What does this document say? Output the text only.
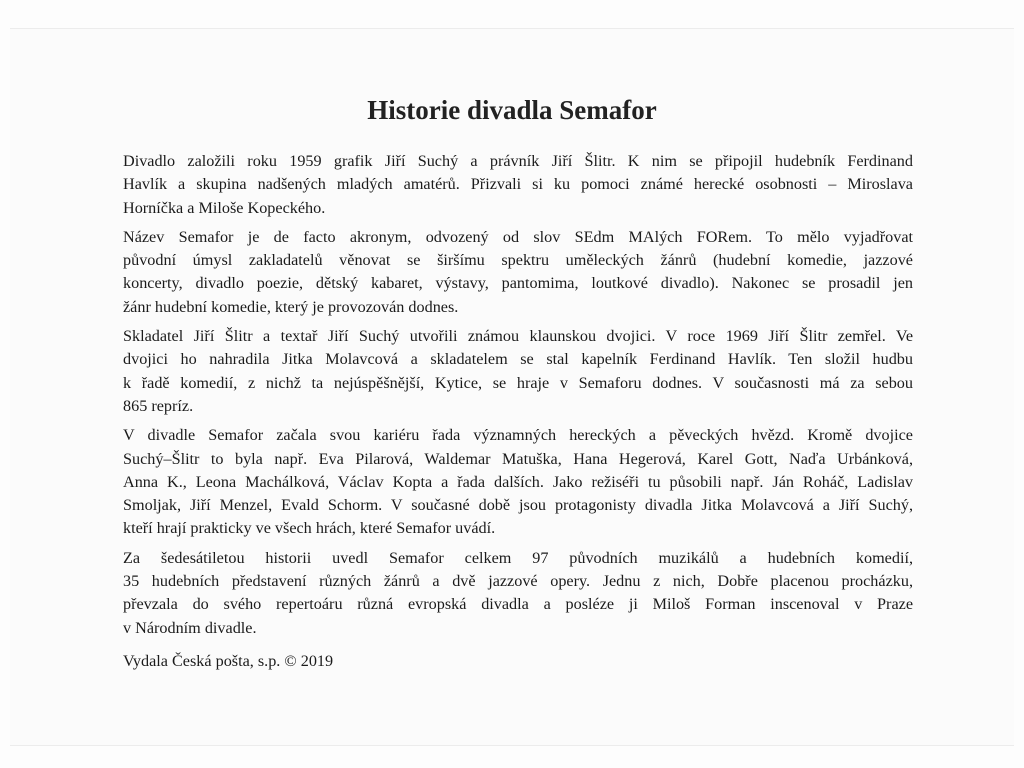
Historie divadla Semafor

Divadlo založili roku 1959 grafik Jiří Suchý a právník Jiří Šlitr. K nim se připojil hudebník Ferdinand
Havlík a skupina nadšených mladých amatérů. Přizvali si ku pomoci známé herecké osobnosti – Miroslava
Horníčka a Miloše Kopeckého.

Název Semafor je de facto akronym, odvozený od slov SEdm MAlých FORem. To mělo vyjadřovat
původní úmysl zakladatelů věnovat se širšímu spektru uměleckých žánrů (hudební komedie, jazzové
koncerty, divadlo poezie, dětský kabaret, výstavy, pantomima, loutkové divadlo). Nakonec se prosadil jen
žánr hudební komedie, který je provozován dodnes.

Skladatel Jiří Šlitr a textař Jiří Suchý utvořili známou klaunskou dvojici. V roce 1969 Jiří Šlitr zemřel. Ve
dvojici ho nahradila Jitka Molavcová a skladatelem se stal kapelník Ferdinand Havlík. Ten složil hudbu
k řadě komedií, z nichž ta nejúspěšnější, Kytice, se hraje v Semaforu dodnes. V současnosti má za sebou
865 repríz.

V divadle Semafor začala svou kariéru řada významných hereckých a pěveckých hvězd. Kromě dvojice
Suchý–Šlitr to byla např. Eva Pilarová, Waldemar Matuška, Hana Hegerová, Karel Gott, Naďa Urbánková,
Anna K., Leona Machálková, Václav Kopta a řada dalších. Jako režiséři tu působili např. Ján Roháč, Ladislav
Smoljak, Jiří Menzel, Evald Schorm. V současné době jsou protagonisty divadla Jitka Molavcová a Jiří Suchý,
kteří hrají prakticky ve všech hrách, které Semafor uvádí.

Za šedesátiletou historii uvedl Semafor celkem 97 původních muzikálů a hudebních komedií,
35 hudebních představení různých žánrů a dvě jazzové opery. Jednu z nich, Dobře placenou procházku,
převzala do svého repertoáru různá evropská divadla a posléze ji Miloš Forman inscenoval v Praze
v Národním divadle.

Vydala Česká pošta, s.p. © 2019
